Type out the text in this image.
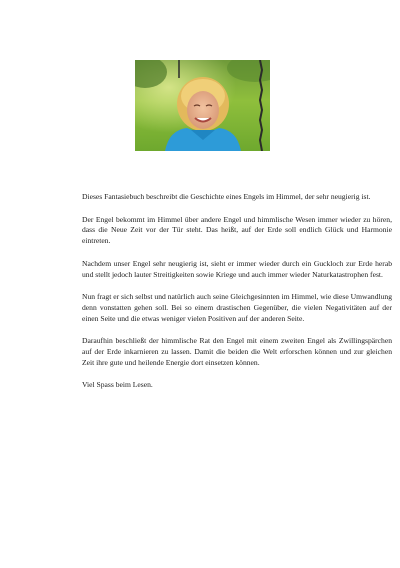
Dieses Fantasiebuch beschreibt die Geschichte eines Engels im Himmel, der sehr neugierig ist.

Der Engel bekommt im Himmel über andere Engel und himmlische Wesen immer wieder zu hören, dass die Neue Zeit vor der Tür steht. Das heißt, auf der Erde soll endlich Glück und Harmonie eintreten.

Nachdem unser Engel sehr neugierig ist, sieht er immer wieder durch ein Guckloch zur Erde herab und stellt jedoch lauter Streitigkeiten sowie Kriege und auch immer wieder Naturkatastrophen fest.

Nun fragt er sich selbst und natürlich auch seine Gleichgesinnten im Himmel, wie diese Umwandlung denn vonstatten gehen soll. Bei so einem drastischen Gegenüber, die vielen Negativitäten auf der einen Seite und die etwas weniger vielen Positiven auf der anderen Seite.

Daraufhin beschließt der himmlische Rat den Engel mit einem zweiten Engel als Zwillingspärchen auf der Erde inkarnieren zu lassen. Damit die beiden die Welt erforschen können und zur gleichen Zeit ihre gute und heilende Energie dort einsetzen können.

Viel Spass beim Lesen.
